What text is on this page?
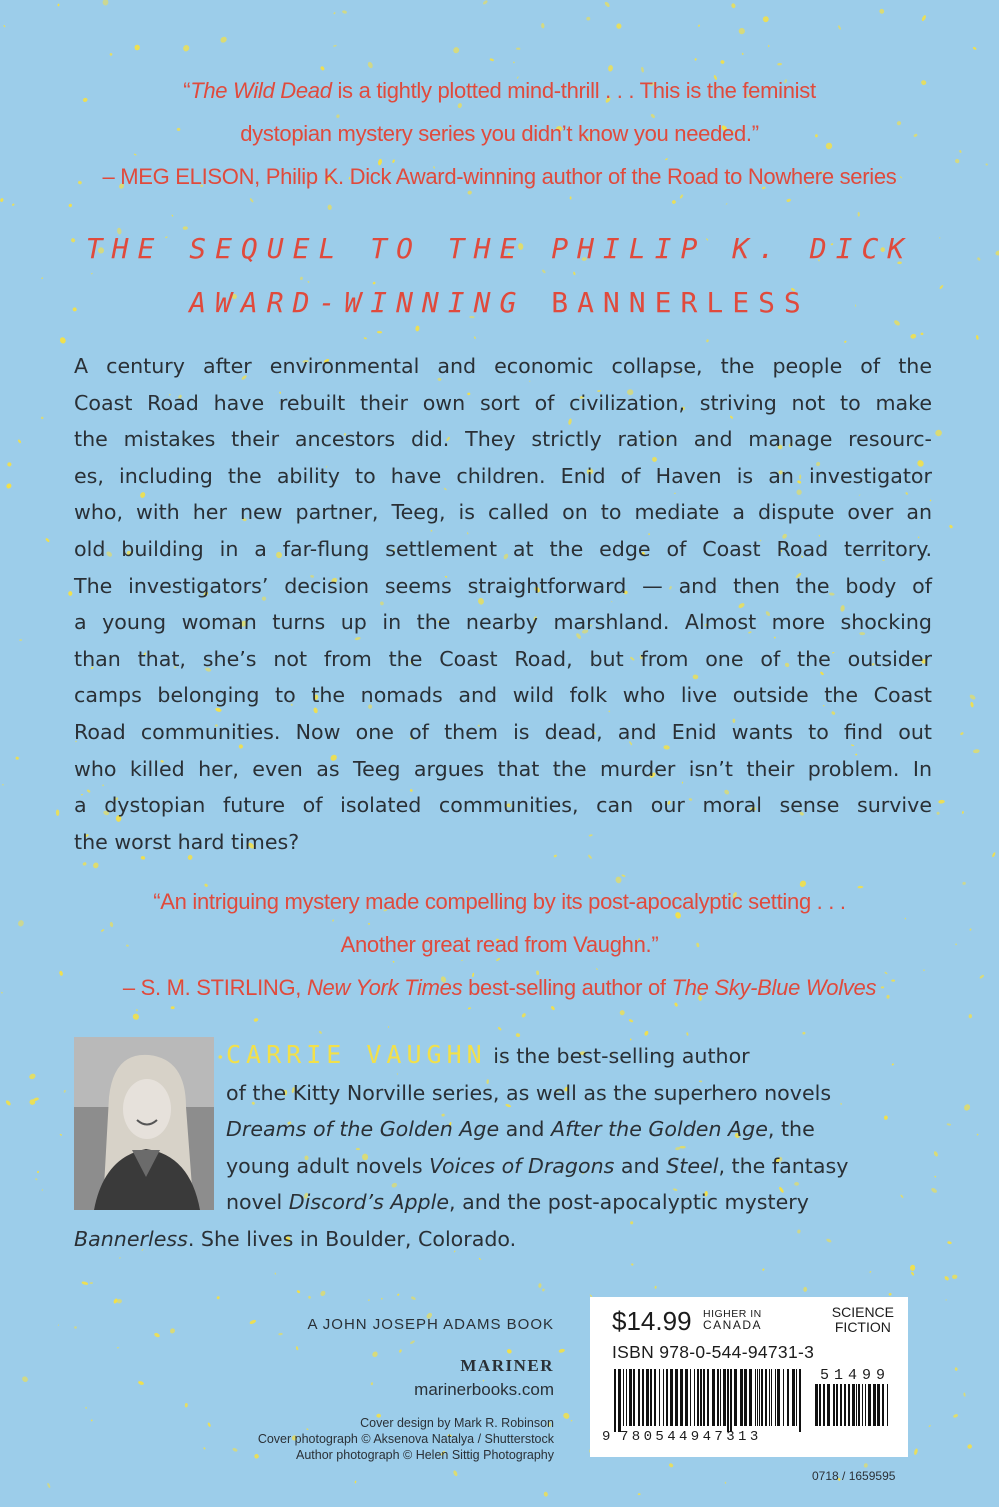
“The Wild Dead is a tightly plotted mind-thrill . . . This is the feminist
dystopian mystery series you didn’t know you needed.”
– MEG ELISON, Philip K. Dick Award-winning author of the Road to Nowhere series
THE SEQUEL TO THE PHILIP K. DICK
AWARD-WINNING BANNERLESS
A century after environmental and economic collapse, the people of the
Coast Road have rebuilt their own sort of civilization, striving not to make
the mistakes their ancestors did. They strictly ration and manage resourc-
es, including the ability to have children. Enid of Haven is an investigator
who, with her new partner, Teeg, is called on to mediate a dispute over an
old building in a far-flung settlement at the edge of Coast Road territory.
The investigators’ decision seems straightforward — and then the body of
a young woman turns up in the nearby marshland. Almost more shocking
than that, she’s not from the Coast Road, but from one of the outsider
camps belonging to the nomads and wild folk who live outside the Coast
Road communities. Now one of them is dead, and Enid wants to find out
who killed her, even as Teeg argues that the murder isn’t their problem. In
a dystopian future of isolated communities, can our moral sense survive
the worst hard times?
“An intriguing mystery made compelling by its post-apocalyptic setting . . .
Another great read from Vaughn.”
– S. M. STIRLING, New York Times best-selling author of The Sky-Blue Wolves
CARRIE VAUGHN is the best-selling author
of the Kitty Norville series, as well as the superhero novels
Dreams of the Golden Age and After the Golden Age, the
young adult novels Voices of Dragons and Steel, the fantasy
novel Discord’s Apple, and the post-apocalyptic mystery
Bannerless. She lives in Boulder, Colorado.
A JOHN JOSEPH ADAMS BOOK
MARINER
marinerbooks.com
Cover design by Mark R. Robinson
Cover photograph © Aksenova Natalya / Shutterstock
Author photograph © Helen Sittig Photography
$14.99 HIGHER IN
CANADA
SCIENCE
FICTION
ISBN 978-0-544-94731-3
9 780544947313
51499
0718 / 1659595
